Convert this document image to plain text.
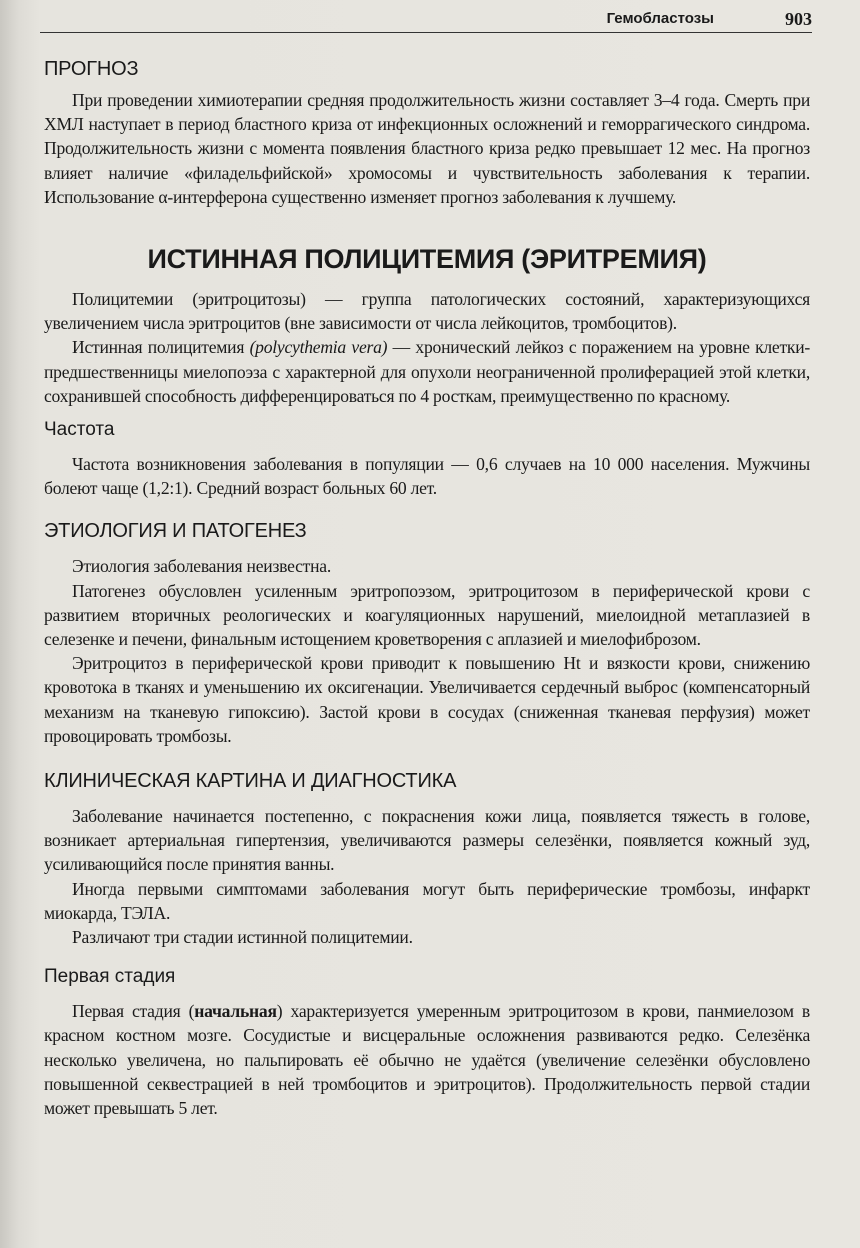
Гемобластозы	903
ПРОГНОЗ

При проведении химиотерапии средняя продолжительность жизни составляет 3–4 года. Смерть при ХМЛ наступает в период бластного криза от инфекционных осложнений и геморрагического синдрома. Продолжительность жизни с момента появления бластного криза редко превышает 12 мес. На прогноз влияет наличие «филадельфийской» хромосомы и чувствительность заболевания к терапии. Использование α-интерферона существенно изменяет прогноз заболевания к лучшему.

ИСТИННАЯ ПОЛИЦИТЕМИЯ (ЭРИТРЕМИЯ)

Полицитемии (эритроцитозы) — группа патологических состояний, характеризующихся увеличением числа эритроцитов (вне зависимости от числа лейкоцитов, тромбоцитов).

Истинная полицитемия (polycythemia vera) — хронический лейкоз с поражением на уровне клетки-предшественницы миелопоэза с характерной для опухоли неограниченной пролиферацией этой клетки, сохранившей способность дифференцироваться по 4 росткам, преимущественно по красному.

Частота

Частота возникновения заболевания в популяции — 0,6 случаев на 10 000 населения. Мужчины болеют чаще (1,2:1). Средний возраст больных 60 лет.

ЭТИОЛОГИЯ И ПАТОГЕНЕЗ

Этиология заболевания неизвестна.

Патогенез обусловлен усиленным эритропоэзом, эритроцитозом в периферической крови с развитием вторичных реологических и коагуляционных нарушений, миелоидной метаплазией в селезенке и печени, финальным истощением кроветворения с аплазией и миелофиброзом.

Эритроцитоз в периферической крови приводит к повышению Ht и вязкости крови, снижению кровотока в тканях и уменьшению их оксигенации. Увеличивается сердечный выброс (компенсаторный механизм на тканевую гипоксию). Застой крови в сосудах (сниженная тканевая перфузия) может провоцировать тромбозы.

КЛИНИЧЕСКАЯ КАРТИНА И ДИАГНОСТИКА

Заболевание начинается постепенно, с покраснения кожи лица, появляется тяжесть в голове, возникает артериальная гипертензия, увеличиваются размеры селезёнки, появляется кожный зуд, усиливающийся после принятия ванны.

Иногда первыми симптомами заболевания могут быть периферические тромбозы, инфаркт миокарда, ТЭЛА.

Различают три стадии истинной полицитемии.

Первая стадия

Первая стадия (начальная) характеризуется умеренным эритроцитозом в крови, панмиелозом в красном костном мозге. Сосудистые и висцеральные осложнения развиваются редко. Селезёнка несколько увеличена, но пальпировать её обычно не удаётся (увеличение селезёнки обусловлено повышенной секвестрацией в ней тромбоцитов и эритроцитов). Продолжительность первой стадии может превышать 5 лет.
